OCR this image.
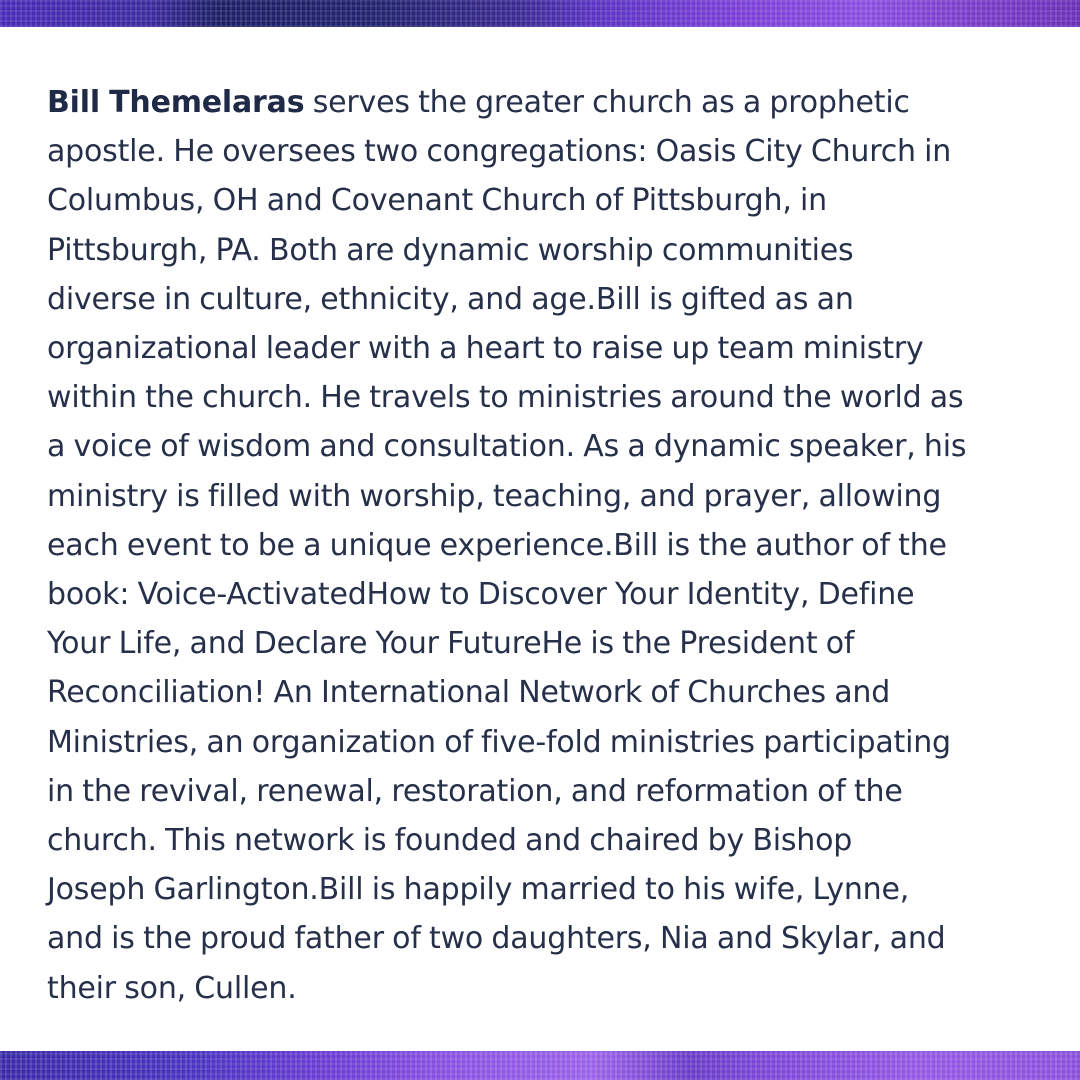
Bill Themelaras serves the greater church as a prophetic
apostle. He oversees two congregations: Oasis City Church in
Columbus, OH and Covenant Church of Pittsburgh, in
Pittsburgh, PA. Both are dynamic worship communities
diverse in culture, ethnicity, and age.Bill is gifted as an
organizational leader with a heart to raise up team ministry
within the church. He travels to ministries around the world as
a voice of wisdom and consultation. As a dynamic speaker, his
ministry is filled with worship, teaching, and prayer, allowing
each event to be a unique experience.Bill is the author of the
book: Voice-ActivatedHow to Discover Your Identity, Define
Your Life, and Declare Your FutureHe is the President of
Reconciliation! An International Network of Churches and
Ministries, an organization of five-fold ministries participating
in the revival, renewal, restoration, and reformation of the
church. This network is founded and chaired by Bishop
Joseph Garlington.Bill is happily married to his wife, Lynne,
and is the proud father of two daughters, Nia and Skylar, and
their son, Cullen.
